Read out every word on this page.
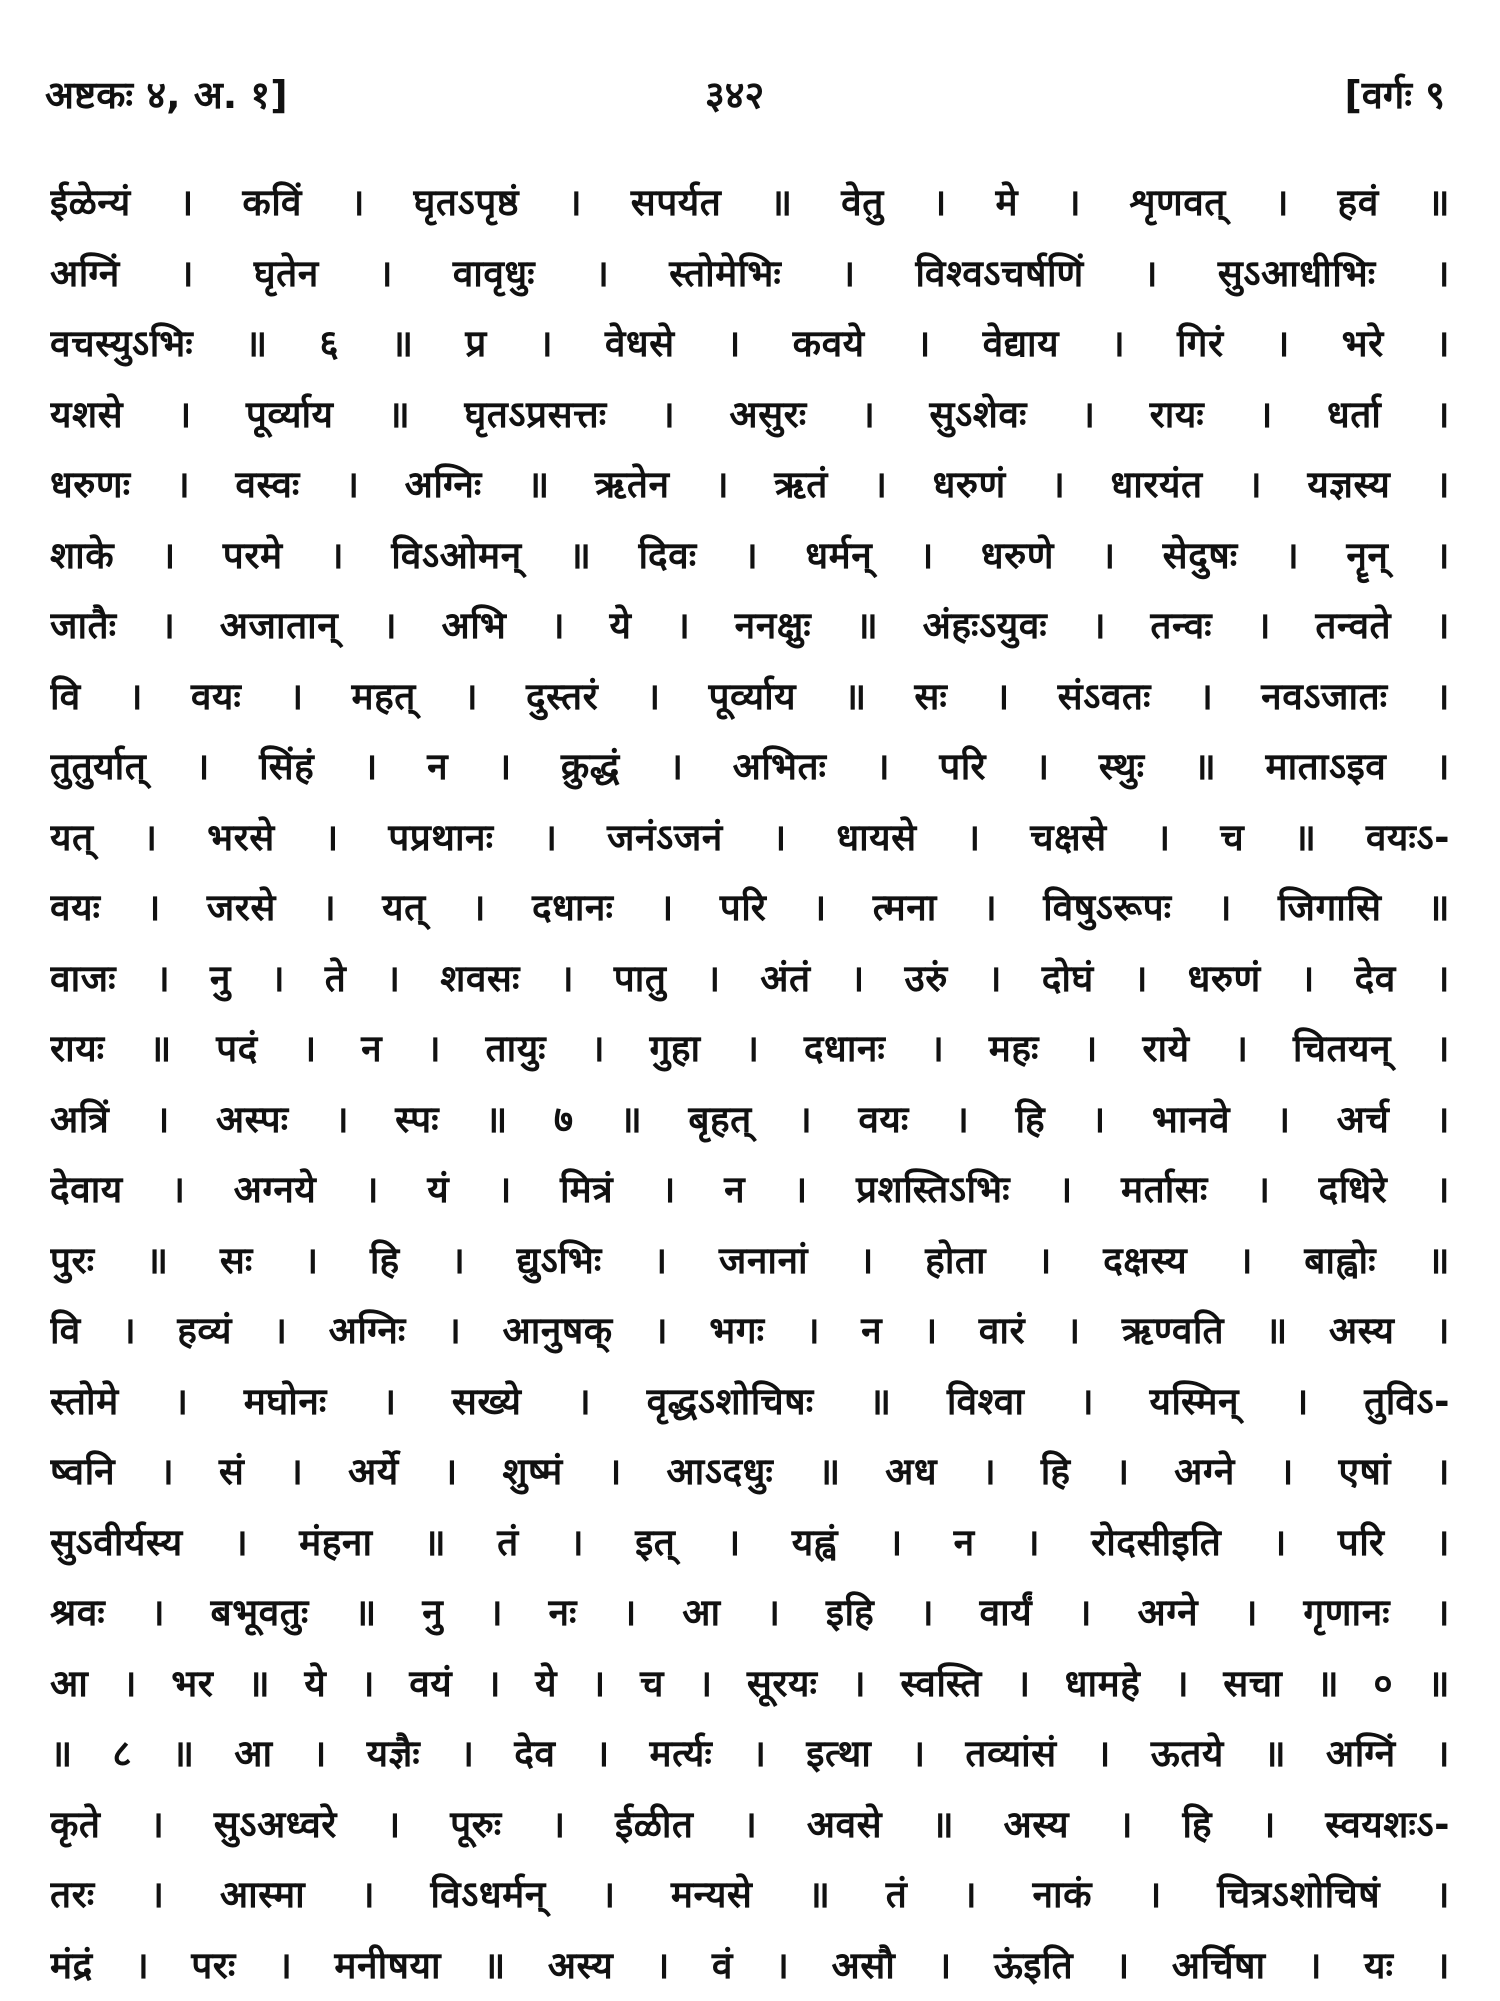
अष्टकः ४, अ. १]	३४२	[वर्गः ९
ईळेन्यं । कविं । घृतऽपृष्ठं । सपर्यत ॥ वेतु । मे । शृणवत् । हवं ॥
अग्निं । घृतेन । वावृधुः । स्तोमेभिः । विश्वऽचर्षणिं । सुऽआधीभिः ।
वचस्युऽभिः ॥ ६ ॥ प्र । वेधसे । कवये । वेद्याय । गिरं । भरे ।
यशसे । पूर्व्याय ॥ घृतऽप्रसत्तः । असुरः । सुऽशेवः । रायः । धर्ता ।
धरुणः । वस्वः । अग्निः ॥ ऋतेन । ऋतं । धरुणं । धारयंत । यज्ञस्य ।
शाके । परमे । विऽओमन् ॥ दिवः । धर्मन् । धरुणे । सेदुषः । नॄन् ।
जातैः । अजातान् । अभि । ये । ननक्षुः ॥ अंहःऽयुवः । तन्वः । तन्वते ।
वि । वयः । महत् । दुस्तरं । पूर्व्याय ॥ सः । संऽवतः । नवऽजातः ।
तुतुर्यात् । सिंहं । न । क्रुद्धं । अभितः । परि । स्थुः ॥ माताऽइव ।
यत् । भरसे । पप्रथानः । जनंऽजनं । धायसे । चक्षसे । च ॥ वयःऽ-
वयः । जरसे । यत् । दधानः । परि । त्मना । विषुऽरूपः । जिगासि ॥
वाजः । नु । ते । शवसः । पातु । अंतं । उरुं । दोघं । धरुणं । देव ।
रायः ॥ पदं । न । तायुः । गुहा । दधानः । महः । राये । चितयन् ।
अत्रिं । अस्पः । स्पः ॥ ७ ॥ बृहत् । वयः । हि । भानवे । अर्च ।
देवाय । अग्नये । यं । मित्रं । न । प्रशस्तिऽभिः । मर्तासः । दधिरे ।
पुरः ॥ सः । हि । द्युऽभिः । जनानां । होता । दक्षस्य । बाह्वोः ॥
वि । हव्यं । अग्निः । आनुषक् । भगः । न । वारं । ऋण्वति ॥ अस्य ।
स्तोमे । मघोनः । सख्ये । वृद्धऽशोचिषः ॥ विश्वा । यस्मिन् । तुविऽ-
ष्वनि । सं । अर्ये । शुष्मं । आऽदधुः ॥ अध । हि । अग्ने । एषां ।
सुऽवीर्यस्य । मंहना ॥ तं । इत् । यह्वं । न । रोदसीइति । परि ।
श्रवः । बभूवतुः ॥ नु । नः । आ । इहि । वार्यं । अग्ने । गृणानः ।
आ । भर ॥ ये । वयं । ये । च । सूरयः । स्वस्ति । धामहे । सचा ॥ ० ॥
॥ ८ ॥ आ । यज्ञैः । देव । मर्त्यः । इत्था । तव्यांसं । ऊतये ॥ अग्निं ।
कृते । सुऽअध्वरे । पूरुः । ईळीत । अवसे ॥ अस्य । हि । स्वयशःऽ-
तरः । आस्मा । विऽधर्मन् । मन्यसे ॥ तं । नाकं । चित्रऽशोचिषं ।
मंद्रं । परः । मनीषया ॥ अस्य । वं । असौ । ऊंइति । अर्चिषा । यः ।
